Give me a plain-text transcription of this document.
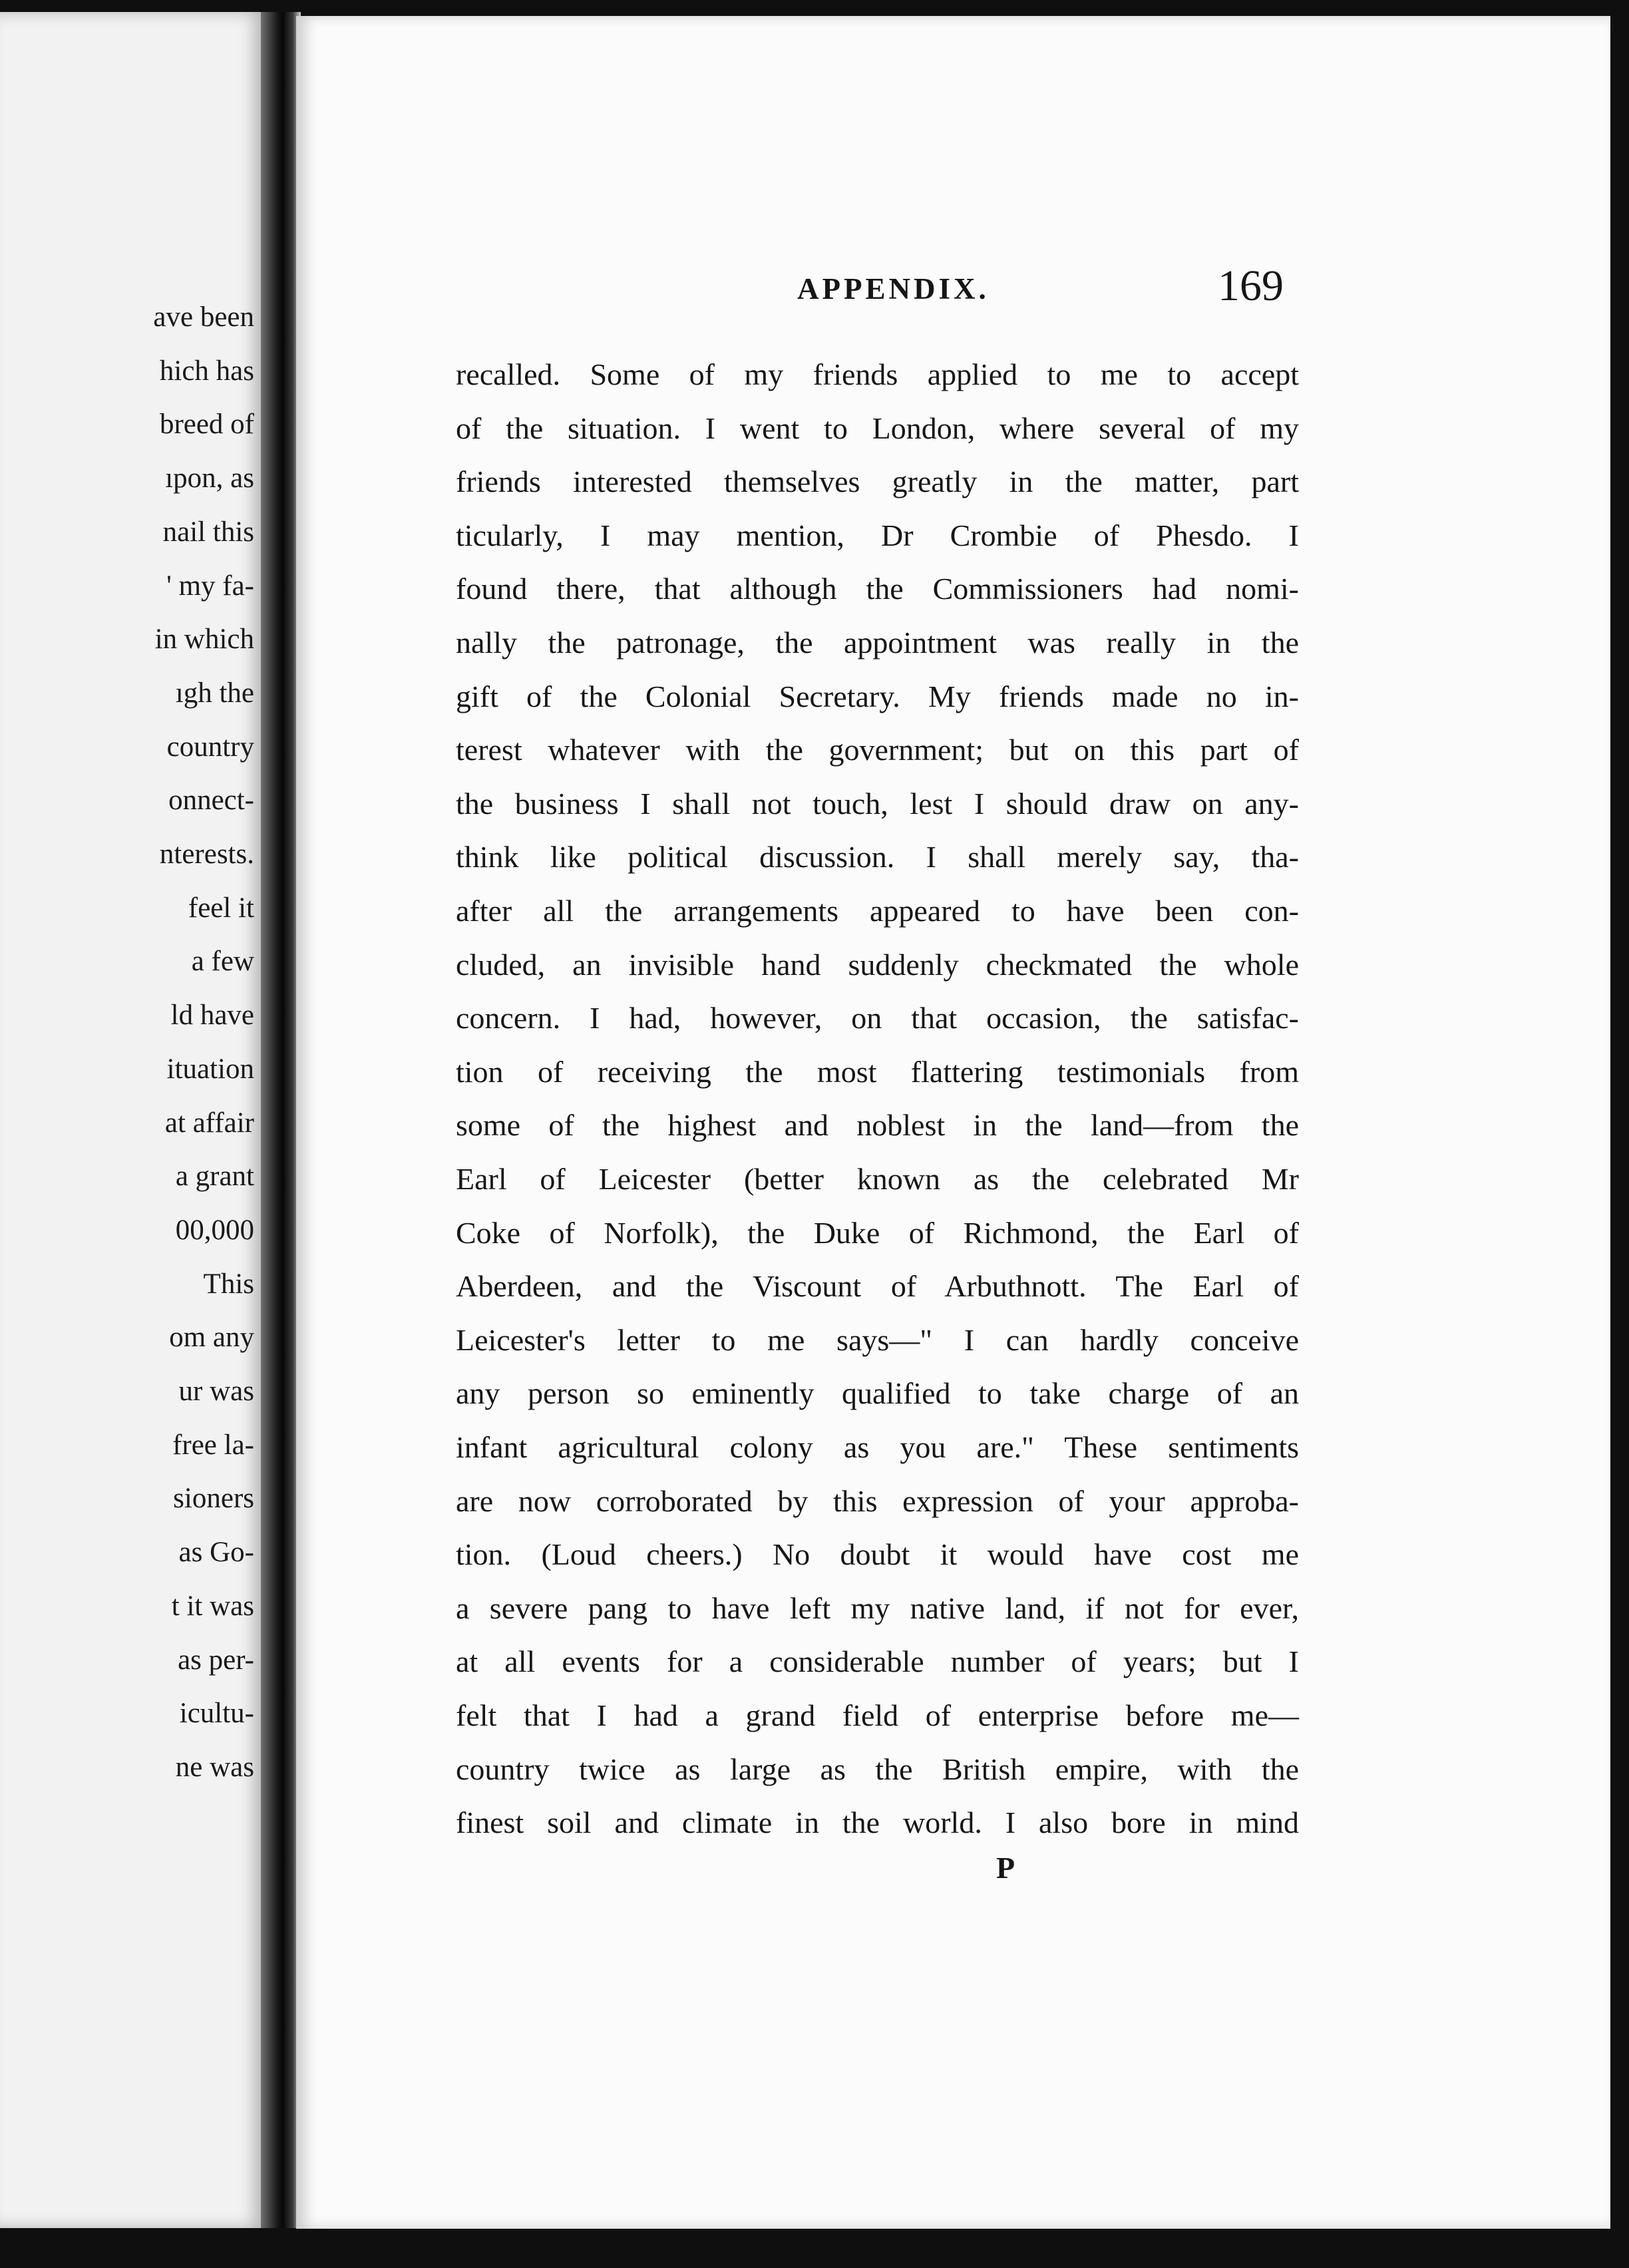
ave been
hich has
breed of
ıpon, as
nail this
' my fa-
in which
ıgh the
country
onnect-
nterests.
feel it
a few
ld have
ituation
at affair
a grant
00,000
This
om any
ur was
free la-
sioners
as Go-
t it was
as per-
icultu-
ne was
APPENDIX.	169
recalled. Some of my friends applied to me to accept
of the situation. I went to London, where several of my
friends interested themselves greatly in the matter, part
ticularly, I may mention, Dr Crombie of Phesdo. I
found there, that although the Commissioners had nomi-
nally the patronage, the appointment was really in the
gift of the Colonial Secretary. My friends made no in-
terest whatever with the government; but on this part of
the business I shall not touch, lest I should draw on any-
think like political discussion. I shall merely say, tha-
after all the arrangements appeared to have been con-
cluded, an invisible hand suddenly checkmated the whole
concern. I had, however, on that occasion, the satisfac-
tion of receiving the most flattering testimonials from
some of the highest and noblest in the land—from the
Earl of Leicester (better known as the celebrated Mr
Coke of Norfolk), the Duke of Richmond, the Earl of
Aberdeen, and the Viscount of Arbuthnott. The Earl of
Leicester's letter to me says—" I can hardly conceive
any person so eminently qualified to take charge of an
infant agricultural colony as you are." These sentiments
are now corroborated by this expression of your approba-
tion. (Loud cheers.) No doubt it would have cost me
a severe pang to have left my native land, if not for ever,
at all events for a considerable number of years; but I
felt that I had a grand field of enterprise before me—
country twice as large as the British empire, with the
finest soil and climate in the world. I also bore in mind
P
